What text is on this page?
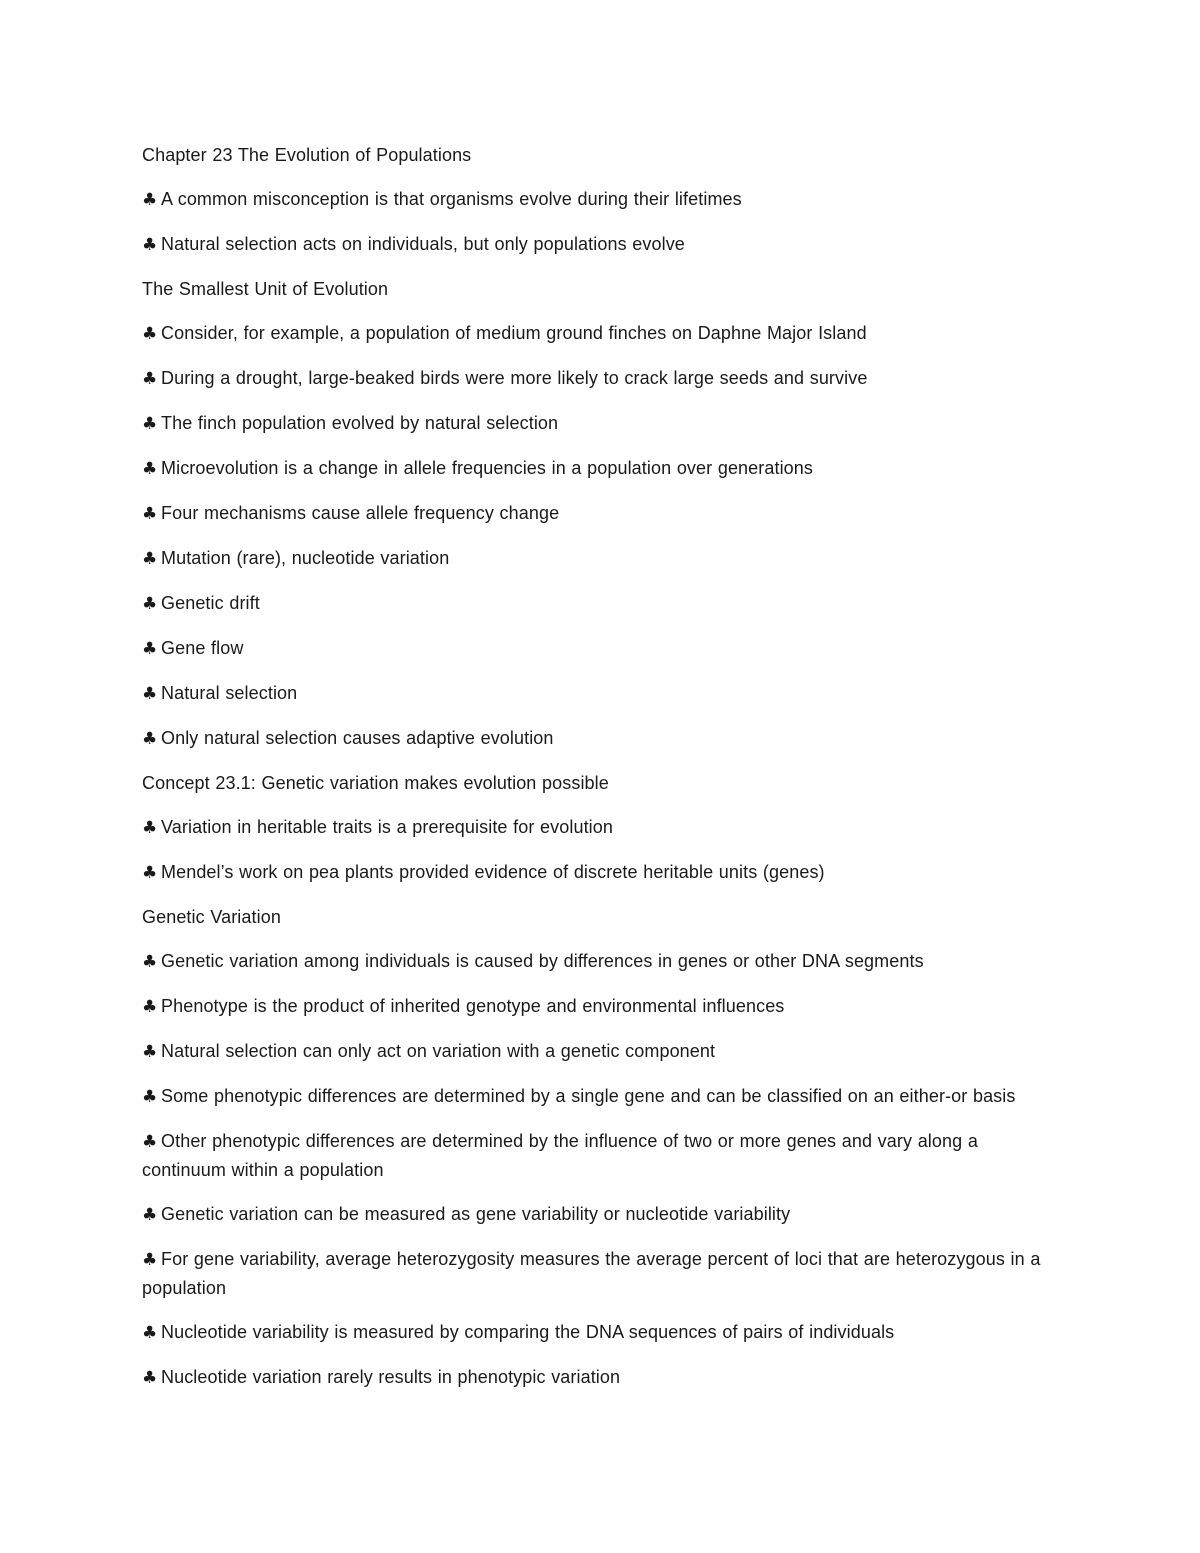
Chapter 23 The Evolution of Populations

♣ A common misconception is that organisms evolve during their lifetimes

♣ Natural selection acts on individuals, but only populations evolve

The Smallest Unit of Evolution

♣ Consider, for example, a population of medium ground finches on Daphne Major Island

♣ During a drought, large-beaked birds were more likely to crack large seeds and survive

♣ The finch population evolved by natural selection

♣ Microevolution is a change in allele frequencies in a population over generations

♣ Four mechanisms cause allele frequency change

♣ Mutation (rare), nucleotide variation

♣ Genetic drift

♣ Gene flow

♣ Natural selection

♣ Only natural selection causes adaptive evolution

Concept 23.1: Genetic variation makes evolution possible

♣ Variation in heritable traits is a prerequisite for evolution

♣ Mendel’s work on pea plants provided evidence of discrete heritable units (genes)

Genetic Variation

♣ Genetic variation among individuals is caused by differences in genes or other DNA segments

♣ Phenotype is the product of inherited genotype and environmental influences

♣ Natural selection can only act on variation with a genetic component

♣ Some phenotypic differences are determined by a single gene and can be classified on an either-or basis

♣ Other phenotypic differences are determined by the influence of two or more genes and vary along a continuum within a population

♣ Genetic variation can be measured as gene variability or nucleotide variability

♣ For gene variability, average heterozygosity measures the average percent of loci that are heterozygous in a population

♣ Nucleotide variability is measured by comparing the DNA sequences of pairs of individuals

♣ Nucleotide variation rarely results in phenotypic variation
